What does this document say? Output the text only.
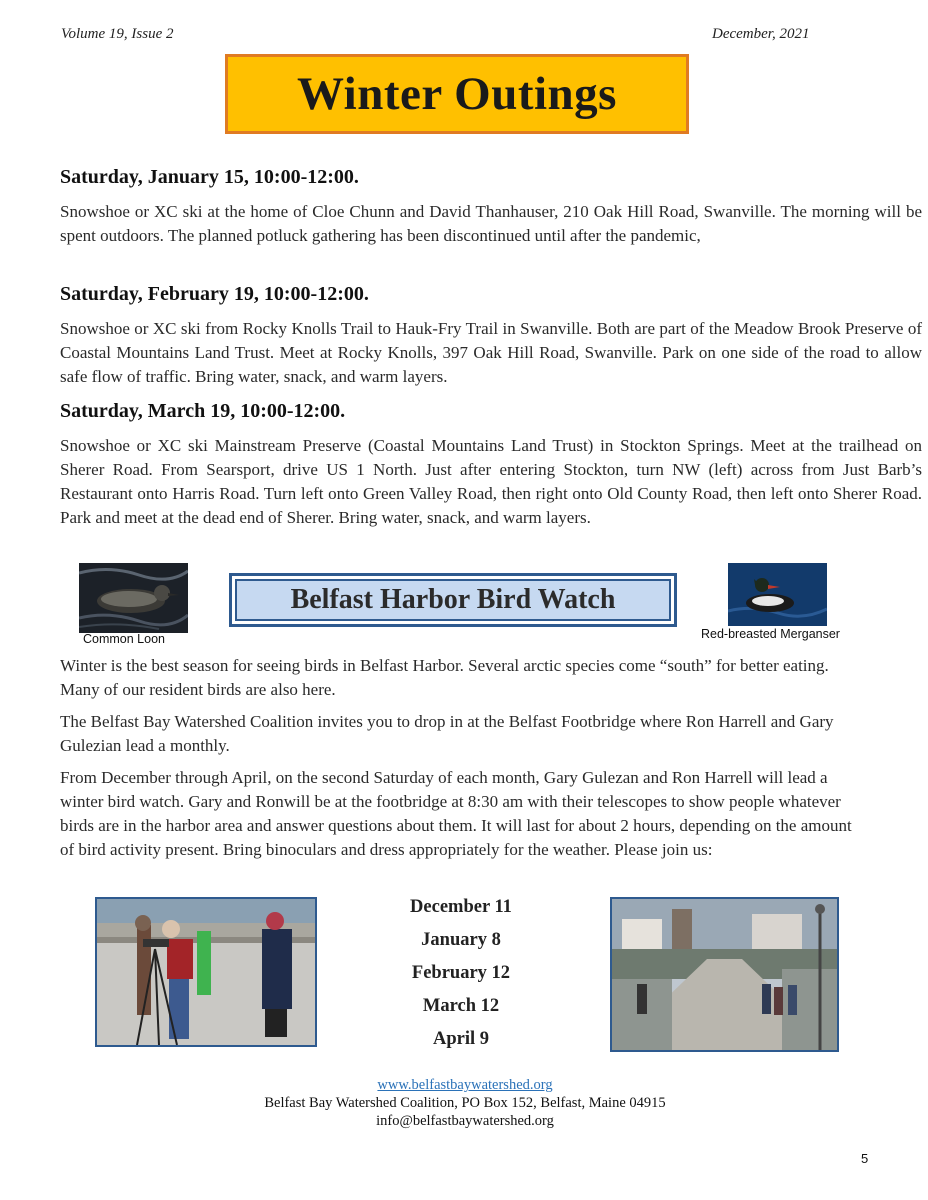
Volume 19, Issue 2	December, 2021
Winter Outings

Saturday, January 15, 10:00-12:00.

Snowshoe or XC ski at the home of Cloe Chunn and David Thanhauser, 210 Oak Hill Road, Swanville. The morning will be spent outdoors. The planned potluck gathering has been discontinued until after the pandemic,

Saturday, February 19, 10:00-12:00.

Snowshoe or XC ski from Rocky Knolls Trail to Hauk-Fry Trail in Swanville. Both are part of the Meadow Brook Preserve of Coastal Mountains Land Trust. Meet at Rocky Knolls, 397 Oak Hill Road, Swanville. Park on one side of the road to allow safe flow of traffic. Bring water, snack, and warm layers.

Saturday, March 19, 10:00-12:00.

Snowshoe or XC ski Mainstream Preserve (Coastal Mountains Land Trust) in Stockton Springs. Meet at the trailhead on Sherer Road. From Searsport, drive US 1 North. Just after entering Stockton, turn NW (left) across from Just Barb’s Restaurant onto Harris Road. Turn left onto Green Valley Road, then right onto Old County Road, then left onto Sherer Road. Park and meet at the dead end of Sherer. Bring water, snack, and warm layers.

Common Loon
Belfast Harbor Bird Watch
Red-breasted Merganser

Winter is the best season for seeing birds in Belfast Harbor. Several arctic species come “south” for better eating. Many of our resident birds are also here.

The Belfast Bay Watershed Coalition invites you to drop in at the Belfast Footbridge where Ron Harrell and Gary Gulezian lead a monthly.

From December through April, on the second Saturday of each month, Gary Gulezan and Ron Harrell will lead a winter bird watch. Gary and Ronwill be at the footbridge at 8:30 am with their telescopes to show people whatever birds are in the harbor area and answer questions about them. It will last for about 2 hours, depending on the amount of bird activity present. Bring binoculars and dress appropriately for the weather. Please join us:

December 11
January 8
February 12
March 12
April 9
www.belfastbaywatershed.org
Belfast Bay Watershed Coalition, PO Box 152, Belfast, Maine 04915
info@belfastbaywatershed.org
5
